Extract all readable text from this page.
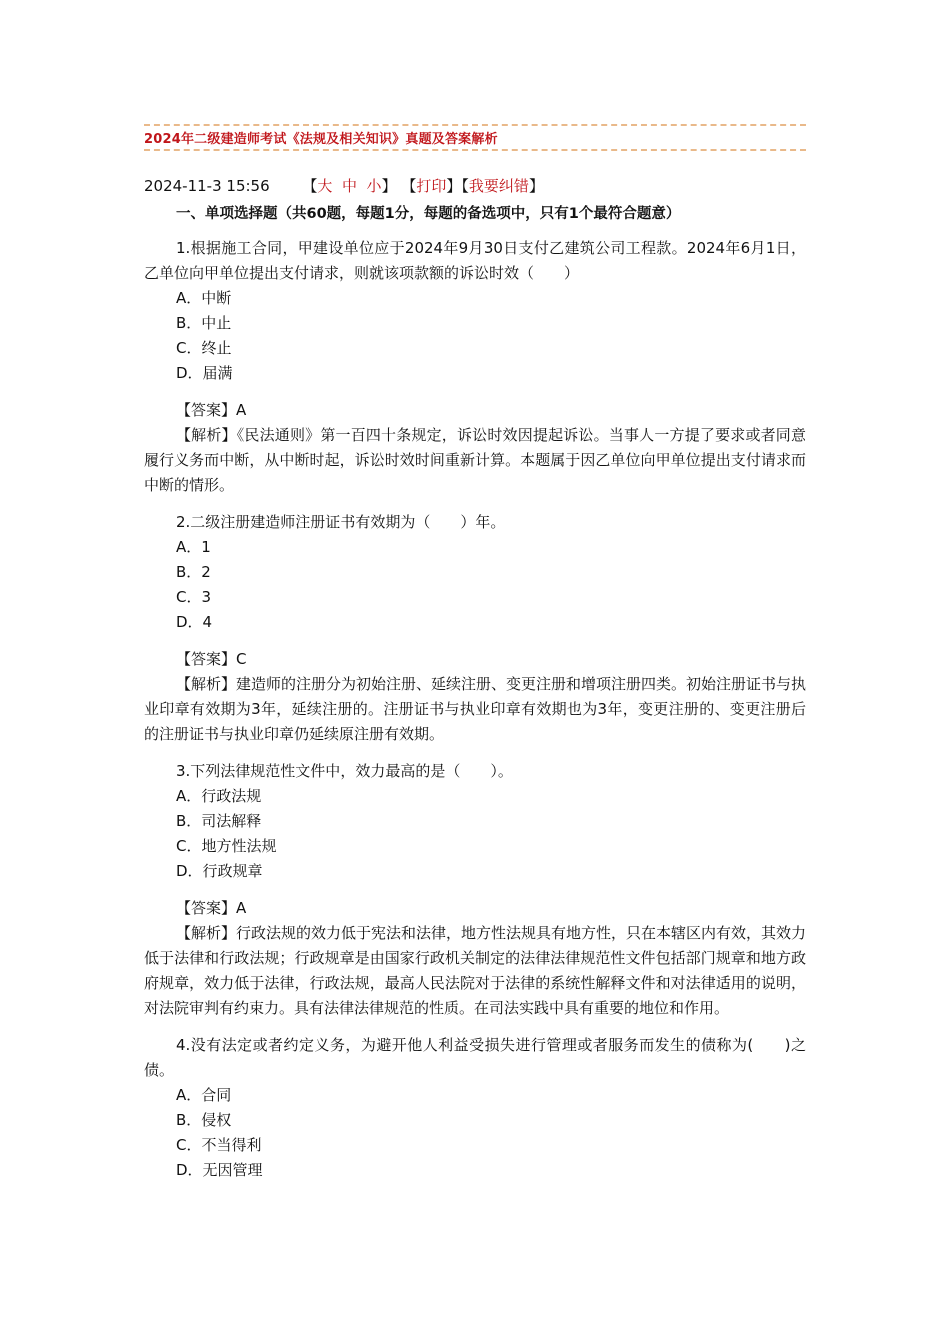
2024年二级建造师考试《法规及相关知识》真题及答案解析
2024-11-3 15:56 【大 中 小】 【打印】【我要纠错】
一、单项选择题（共60题，每题1分，每题的备选项中，只有1个最符合题意）

1.根据施工合同，甲建设单位应于2024年9月30日支付乙建筑公司工程款。2024年6月1日，乙单位向甲单位提出支付请求，则就该项款额的诉讼时效（　　）

A．中断

B．中止

C．终止

D．届满

【答案】A

【解析】《民法通则》第一百四十条规定，诉讼时效因提起诉讼。当事人一方提了要求或者同意履行义务而中断，从中断时起，诉讼时效时间重新计算。本题属于因乙单位向甲单位提出支付请求而中断的情形。

2.二级注册建造师注册证书有效期为（　　）年。

A．1

B．2

C．3

D．4

【答案】C

【解析】建造师的注册分为初始注册、延续注册、变更注册和增项注册四类。初始注册证书与执业印章有效期为3年，延续注册的。注册证书与执业印章有效期也为3年，变更注册的、变更注册后的注册证书与执业印章仍延续原注册有效期。

3.下列法律规范性文件中，效力最高的是（　　）。

A．行政法规

B．司法解释

C．地方性法规

D．行政规章

【答案】A

【解析】行政法规的效力低于宪法和法律，地方性法规具有地方性，只在本辖区内有效，其效力低于法律和行政法规；行政规章是由国家行政机关制定的法律法律规范性文件包括部门规章和地方政府规章，效力低于法律，行政法规，最高人民法院对于法律的系统性解释文件和对法律适用的说明，对法院审判有约束力。具有法律法律规范的性质。在司法实践中具有重要的地位和作用。

4.没有法定或者约定义务，为避开他人利益受损失进行管理或者服务而发生的债称为(　　)之债。

A．合同

B．侵权

C．不当得利

D．无因管理
